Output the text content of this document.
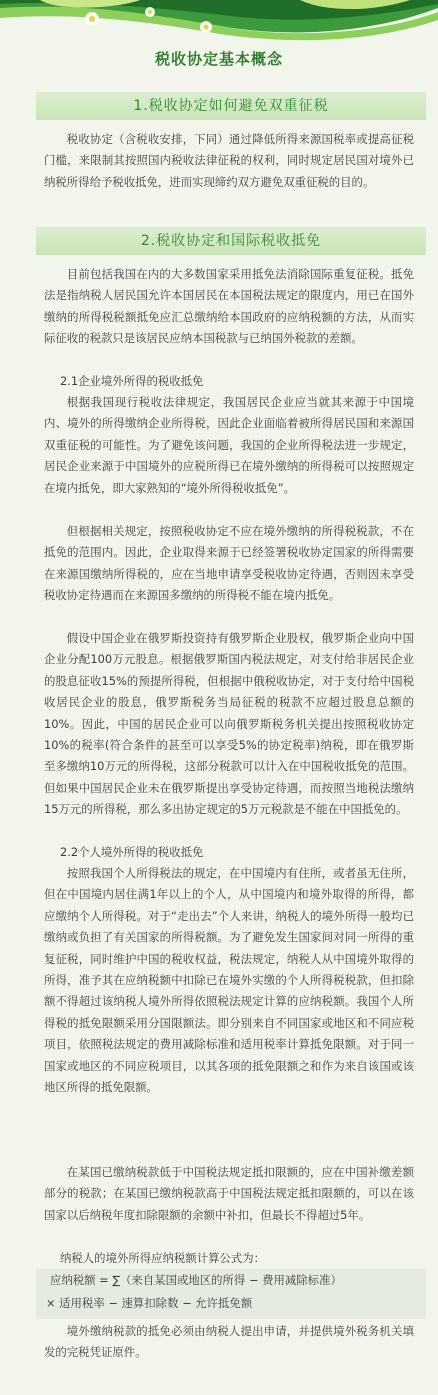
税收协定基本概念
1.税收协定如何避免双重征税

税收协定（含税收安排，下同）通过降低所得来源国税率或提高征税门槛，来限制其按照国内税收法律征税的权利，同时规定居民国对境外已纳税所得给予税收抵免，进而实现缔约双方避免双重征税的目的。

2.税收协定和国际税收抵免

目前包括我国在内的大多数国家采用抵免法消除国际重复征税。抵免法是指纳税人居民国允许本国居民在本国税法规定的限度内，用已在国外缴纳的所得税税额抵免应汇总缴纳给本国政府的应纳税额的方法，从而实际征收的税款只是该居民应纳本国税款与已纳国外税款的差额。

2.1企业境外所得的税收抵免

根据我国现行税收法律规定，我国居民企业应当就其来源于中国境内、境外的所得缴纳企业所得税，因此企业面临着被所得居民国和来源国双重征税的可能性。为了避免该问题，我国的企业所得税法进一步规定，居民企业来源于中国境外的应税所得已在境外缴纳的所得税可以按照规定在境内抵免，即大家熟知的“境外所得税收抵免”。

但根据相关规定，按照税收协定不应在境外缴纳的所得税税款，不在抵免的范围内。因此，企业取得来源于已经签署税收协定国家的所得需要在来源国缴纳所得税的，应在当地申请享受税收协定待遇，否则因未享受税收协定待遇而在来源国多缴纳的所得税不能在境内抵免。

假设中国企业在俄罗斯投资持有俄罗斯企业股权，俄罗斯企业向中国企业分配100万元股息。根据俄罗斯国内税法规定，对支付给非居民企业的股息征收15%的预提所得税，但根据中俄税收协定，对于支付给中国税收居民企业的股息，俄罗斯税务当局征税的税款不应超过股息总额的10%。因此，中国的居民企业可以向俄罗斯税务机关提出按照税收协定10%的税率(符合条件的甚至可以享受5%的协定税率)纳税，即在俄罗斯至多缴纳10万元的所得税，这部分税款可以计入在中国税收抵免的范围。但如果中国居民企业未在俄罗斯提出享受协定待遇，而按照当地税法缴纳15万元的所得税，那么多出协定规定的5万元税款是不能在中国抵免的。

2.2个人境外所得的税收抵免

按照我国个人所得税法的规定，在中国境内有住所，或者虽无住所，但在中国境内居住满1年以上的个人，从中国境内和境外取得的所得，都应缴纳个人所得税。对于“走出去”个人来讲，纳税人的境外所得一般均已缴纳或负担了有关国家的所得税额。为了避免发生国家间对同一所得的重复征税，同时维护中国的税收权益，税法规定，纳税人从中国境外取得的所得，准予其在应纳税额中扣除已在境外实缴的个人所得税税款，但扣除额不得超过该纳税人境外所得依照税法规定计算的应纳税额。我国个人所得税的抵免限额采用分国限额法。即分别来自不同国家或地区和不同应税项目，依照税法规定的费用减除标准和适用税率计算抵免限额。对于同一国家或地区的不同应税项目，以其各项的抵免限额之和作为来自该国或该地区所得的抵免限额。

在某国已缴纳税款低于中国税法规定抵扣限额的，应在中国补缴差额部分的税款；在某国已缴纳税款高于中国税法规定抵扣限额的，可以在该国家以后纳税年度扣除限额的余额中补扣，但最长不得超过5年。

纳税人的境外所得应纳税额计算公式为：
应纳税额 = ∑（来自某国或地区的所得 − 费用减除标准）
× 适用税率 − 速算扣除数 − 允许抵免额

境外缴纳税款的抵免必须由纳税人提出申请，并提供境外税务机关填发的完税凭证原件。
